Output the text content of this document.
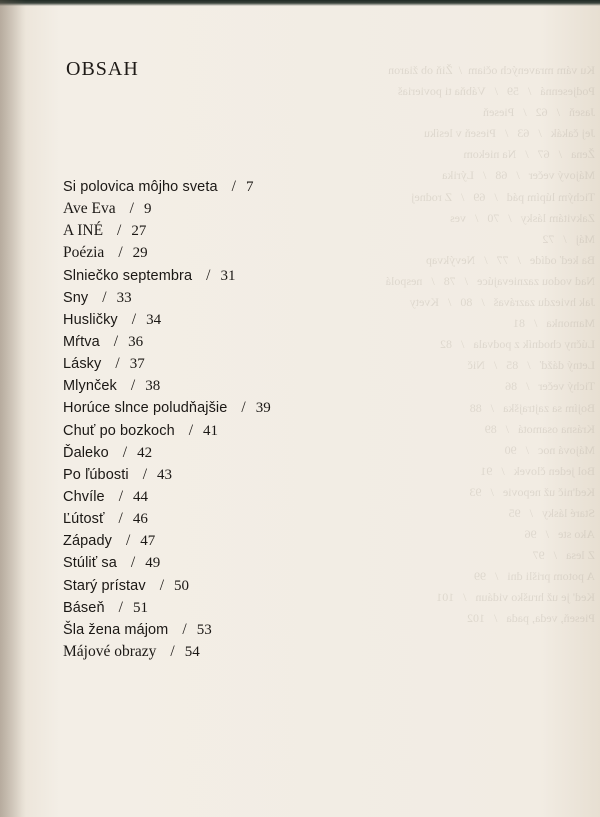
Ku vám mravených očiam  /  Žiň ob žiaron
Podjesenná   /   59   /   Vábňa ti povieriaš
Jaseň   /   62   /   Pieseň
Jej čakák   /   63   /   Pieseň v lesíku
Žena   /   67   /   Na niekom
Májový večer   /   68   /   Lýrika
Tichým lúpím pád   /   69   /   Z rodnej
Zakvitám lásky   /   70   /   ves
Máj   /   72
Ba keď odíde   /   77   /   Nevýkvap
Nad vodou zaznievajúce   /   78   /   nespolá
Jak hviezdu zazrávaš   /   80   /   Kvety
Mamonka   /   81
Lúčny chodník z podvala   /   82
Letný dážď   /   85   /   Nič
Tichý večer   /   86
Bojím sa zajtrajška   /   88
Krásna osamotá   /   89
Májová noc   /   90
Bol jeden človek   /   91
Ked'nič už nepovie   /   93
Staré lásky   /   95
Ako ste   /   96
Z lesa   /   97
A potom prišli dni   /   99
Ked' je už hruško vidáun   /   101
Pieseň, veda, pada   /   102
OBSAH
Si polovica môjho sveta / 7
Ave Eva / 9
A INÉ / 27
Poézia / 29
Slniečko septembra / 31
Sny / 33
Husličky / 34
Mŕtva / 36
Lásky / 37
Mlynček / 38
Horúce slnce poludňajšie / 39
Chuť po bozkoch / 41
Ďaleko / 42
Po ľúbosti / 43
Chvíle / 44
Ľútosť / 46
Západy / 47
Stúliť sa / 49
Starý prístav / 50
Báseň / 51
Šla žena májom / 53
Májové obrazy / 54
